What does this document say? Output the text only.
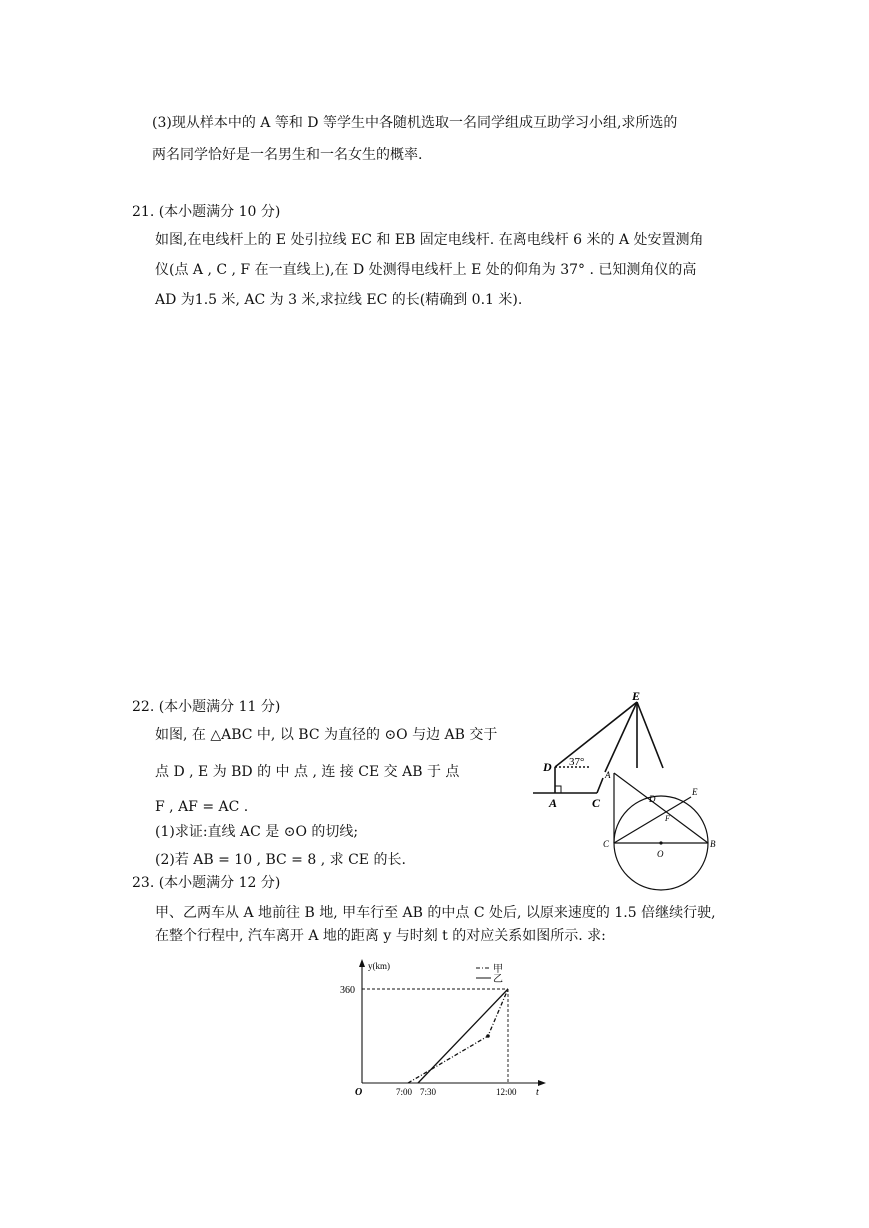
(3)现从样本中的 A 等和 D 等学生中各随机选取一名同学组成互助学习小组,求所选的
两名同学恰好是一名男生和一名女生的概率.
21. (本小题满分 10 分)
如图,在电线杆上的 E 处引拉线 EC 和 EB 固定电线杆. 在离电线杆 6 米的 A 处安置测角
仪(点 A , C , F 在一直线上),在 D 处测得电线杆上 E 处的仰角为 37° . 已知测角仪的高
AD 为1.5 米, AC 为 3 米,求拉线 EC 的长(精确到 0.1 米).
22. (本小题满分 11 分)
如图, 在 △ABC 中, 以 BC 为直径的 ⊙O 与边 AB 交于
点 D , E 为 BD 的 中 点 , 连 接 CE 交 AB 于 点
F , AF = AC .
(1)求证:直线 AC 是 ⊙O 的切线;
(2)若 AB = 10 , BC = 8 , 求 CE 的长.
23. (本小题满分 12 分)
甲、乙两车从 A 地前往 B 地, 甲车行至 AB 的中点 C 处后, 以原来速度的 1.5 倍继续行驶,
在整个行程中, 汽车离开 A 地的距离 y 与时刻 t 的对应关系如图所示. 求:
E
D
A	C
37°
A
C	B
D
E
F
O
360
7:00 7:30	12:00
y(km)
t
O
甲
乙
